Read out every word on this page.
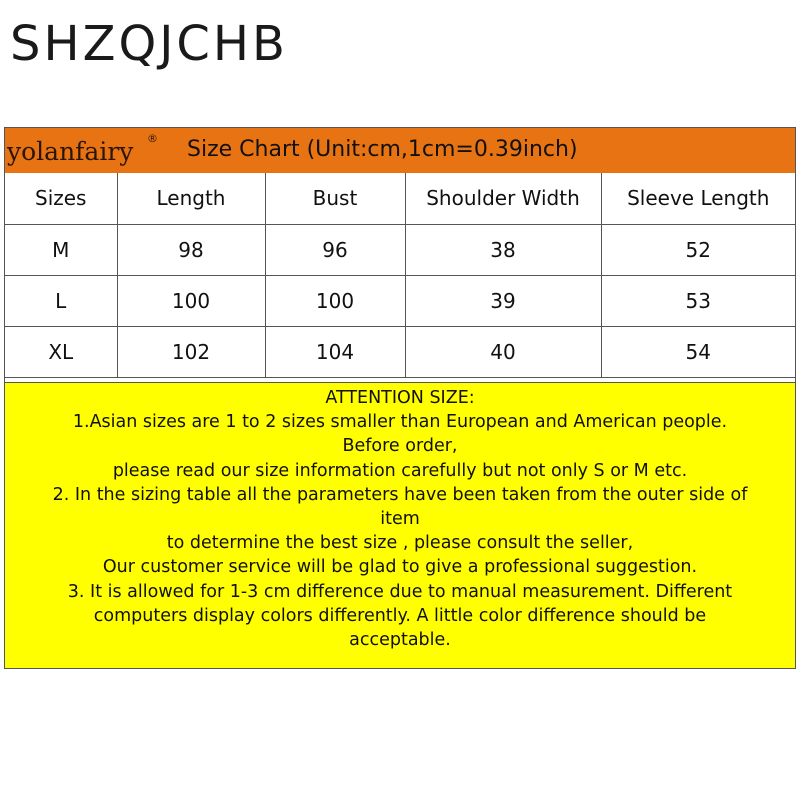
SHZQJCHB
yolanfairy ® Size Chart (Unit:cm,1cm=0.39inch)
Sizes	Length	Bust	Shoulder Width	Sleeve Length
M	98	96	38	52
L	100	100	39	53
XL	102	104	40	54
ATTENTION SIZE:
1.Asian sizes are 1 to 2 sizes smaller than European and American people.
Before order,
please read our size information carefully but not only S or M etc.
2. In the sizing table all the parameters have been taken from the outer side of
item
to determine the best size , please consult the seller,
Our customer service will be glad to give a professional suggestion.
3. It is allowed for 1-3 cm difference due to manual measurement. Different
computers display colors differently. A little color difference should be
acceptable.
